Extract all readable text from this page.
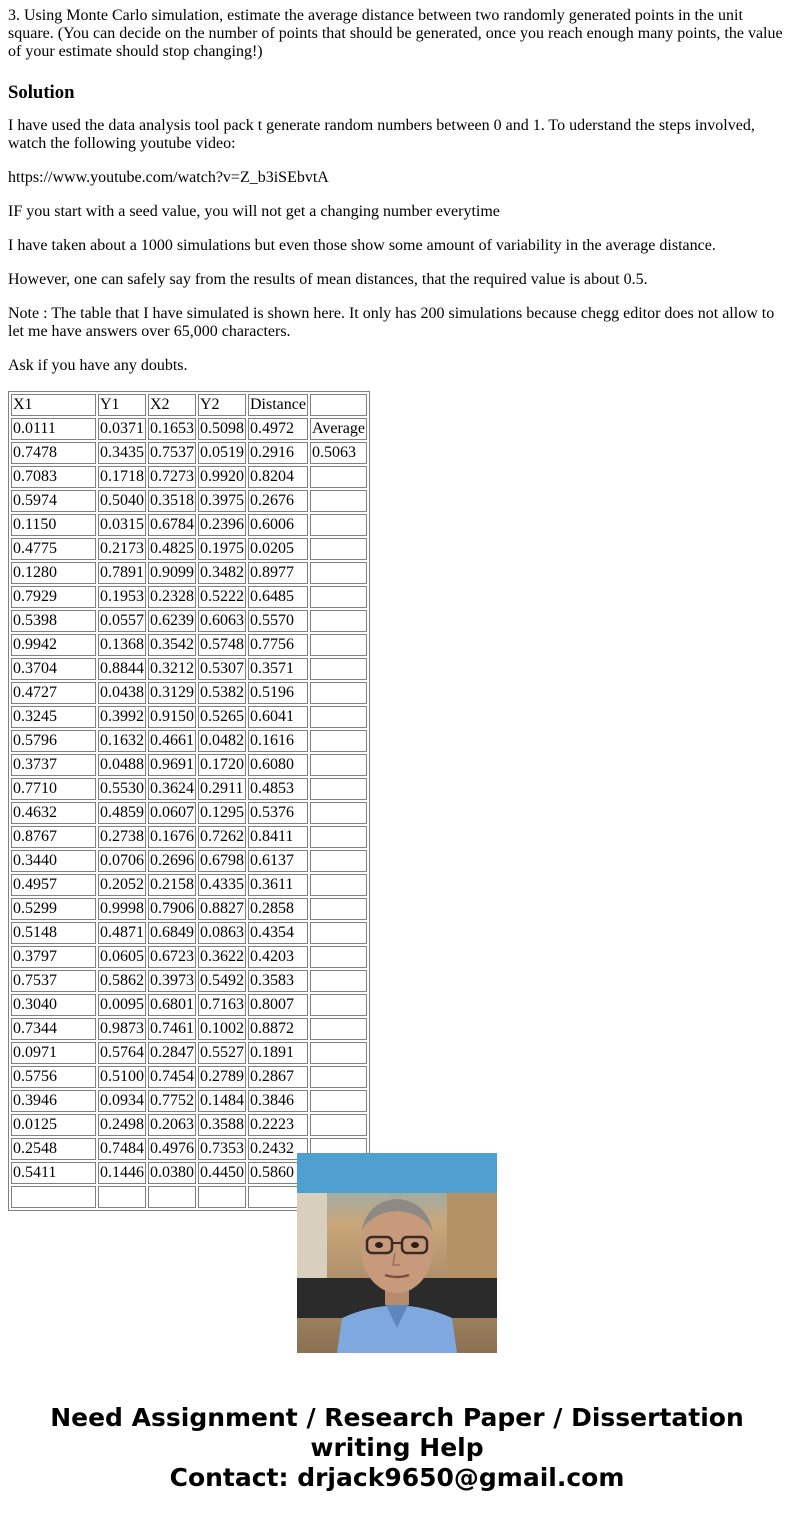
3. Using Monte Carlo simulation, estimate the average distance between two randomly generated points in the unit square. (You can decide on the number of points that should be generated, once you reach enough many points, the value of your estimate should stop changing!)

Solution

I have used the data analysis tool pack t generate random numbers between 0 and 1. To uderstand the steps involved, watch the following youtube video:

https://www.youtube.com/watch?v=Z_b3iSEbvtA

IF you start with a seed value, you will not get a changing number everytime

I have taken about a 1000 simulations but even those show some amount of variability in the average distance.

However, one can safely say from the results of mean distances, that the required value is about 0.5.

Note : The table that I have simulated is shown here. It only has 200 simulations because chegg editor does not allow to let me have answers over 65,000 characters.

Ask if you have any doubts.

X1	Y1	X2	Y2	Distance	
0.0111	0.0371	0.1653	0.5098	0.4972	Average
0.7478	0.3435	0.7537	0.0519	0.2916	0.5063
0.7083	0.1718	0.7273	0.9920	0.8204	
0.5974	0.5040	0.3518	0.3975	0.2676	
0.1150	0.0315	0.6784	0.2396	0.6006	
0.4775	0.2173	0.4825	0.1975	0.0205	
0.1280	0.7891	0.9099	0.3482	0.8977	
0.7929	0.1953	0.2328	0.5222	0.6485	
0.5398	0.0557	0.6239	0.6063	0.5570	
0.9942	0.1368	0.3542	0.5748	0.7756	
0.3704	0.8844	0.3212	0.5307	0.3571	
0.4727	0.0438	0.3129	0.5382	0.5196	
0.3245	0.3992	0.9150	0.5265	0.6041	
0.5796	0.1632	0.4661	0.0482	0.1616	
0.3737	0.0488	0.9691	0.1720	0.6080	
0.7710	0.5530	0.3624	0.2911	0.4853	
0.4632	0.4859	0.0607	0.1295	0.5376	
0.8767	0.2738	0.1676	0.7262	0.8411	
0.3440	0.0706	0.2696	0.6798	0.6137	
0.4957	0.2052	0.2158	0.4335	0.3611	
0.5299	0.9998	0.7906	0.8827	0.2858	
0.5148	0.4871	0.6849	0.0863	0.4354	
0.3797	0.0605	0.6723	0.3622	0.4203	
0.7537	0.5862	0.3973	0.5492	0.3583	
0.3040	0.0095	0.6801	0.7163	0.8007	
0.7344	0.9873	0.7461	0.1002	0.8872	
0.0971	0.5764	0.2847	0.5527	0.1891	
0.5756	0.5100	0.7454	0.2789	0.2867	
0.3946	0.0934	0.7752	0.1484	0.3846	
0.0125	0.2498	0.2063	0.3588	0.2223	
0.2548	0.7484	0.4976	0.7353	0.2432	
0.5411	0.1446	0.0380	0.4450	0.5860	

Need Assignment / Research Paper / Dissertation
writing Help
Contact: drjack9650@gmail.com
